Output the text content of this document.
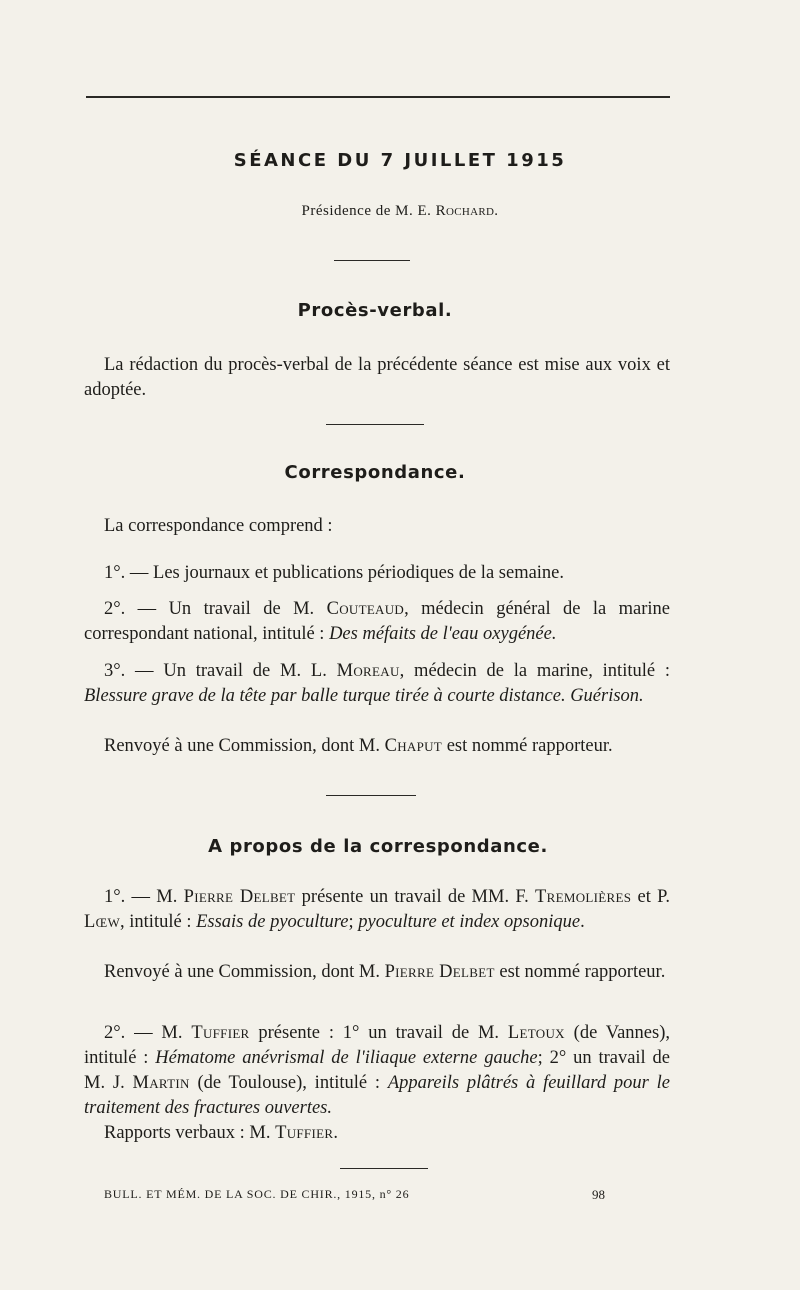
SÉANCE DU 7 JUILLET 1915
Présidence de M. E. Rochard.
Procès-verbal.
La rédaction du procès-verbal de la précédente séance est mise aux voix et adoptée.
Correspondance.
La correspondance comprend :
1°. — Les journaux et publications périodiques de la semaine.
2°. — Un travail de M. Couteaud, médecin général de la marine correspondant national, intitulé : Des méfaits de l'eau oxygénée.
3°. — Un travail de M. L. Moreau, médecin de la marine, intitulé : Blessure grave de la tête par balle turque tirée à courte distance. Guérison.
Renvoyé à une Commission, dont M. Chaput est nommé rapporteur.
A propos de la correspondance.
1°. — M. Pierre Delbet présente un travail de MM. F. Tremolières et P. Lœw, intitulé : Essais de pyoculture; pyoculture et index opsonique.
Renvoyé à une Commission, dont M. Pierre Delbet est nommé rapporteur.
2°. — M. Tuffier présente : 1° un travail de M. Letoux (de Vannes), intitulé : Hématome anévrismal de l'iliaque externe gauche; 2° un travail de M. J. Martin (de Toulouse), intitulé : Appareils plâtrés à feuillard pour le traitement des fractures ouvertes.
Rapports verbaux : M. Tuffier.
BULL. ET MÉM. DE LA SOC. DE CHIR., 1915, n° 26	98
